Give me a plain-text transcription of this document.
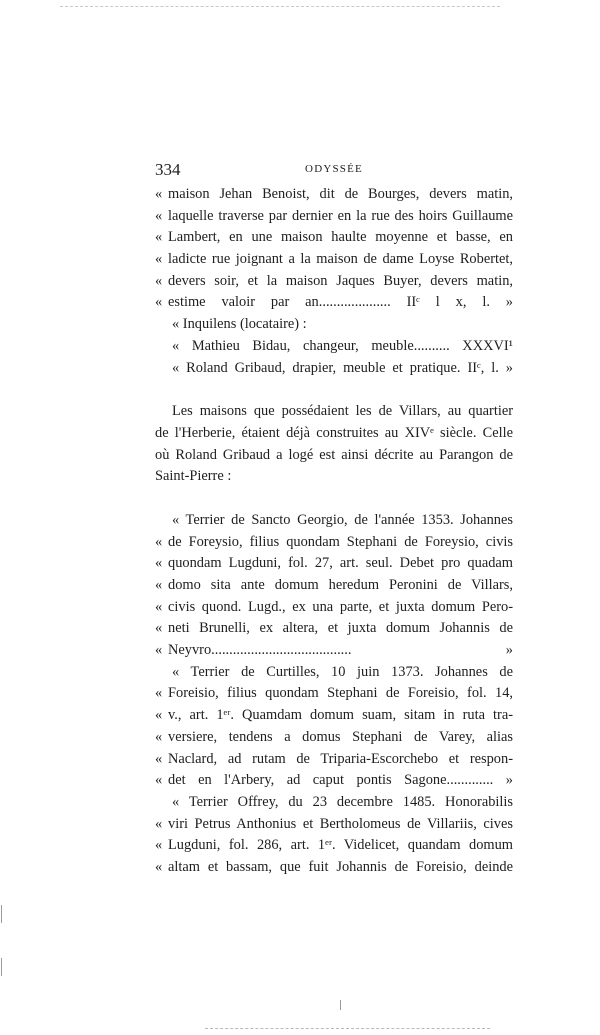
334	ODYSSÉE
« maison Jehan Benoist, dit de Bourges, devers matin,
« laquelle traverse par dernier en la rue des hoirs Guillaume
« Lambert, en une maison haulte moyenne et basse, en
« ladicte rue joignant a la maison de dame Loyse Robertet,
« devers soir, et la maison Jaques Buyer, devers matin,
« estime valoir par an.................... IIᶜ l x, l. »
« Inquilens (locataire) :
« Mathieu Bidau, changeur, meuble.......... XXXVI¹
« Roland Gribaud, drapier, meuble et pratique. IIᶜ, l. »
Les maisons que possédaient les de Villars, au quartier
de l'Herberie, étaient déjà construites au XIVᵉ siècle. Celle
où Roland Gribaud a logé est ainsi décrite au Parangon de
Saint-Pierre :
« Terrier de Sancto Georgio, de l'année 1353. Johannes
« de Foreysio, filius quondam Stephani de Foreysio, civis
« quondam Lugduni, fol. 27, art. seul. Debet pro quadam
« domo sita ante domum heredum Peronini de Villars,
« civis quond. Lugd., ex una parte, et juxta domum Pero-
« neti Brunelli, ex altera, et juxta domum Johannis de
« Neyvro....................................... »
« Terrier de Curtilles, 10 juin 1373. Johannes de
« Foreisio, filius quondam Stephani de Foreisio, fol. 14,
« v., art. 1ᵉʳ. Quamdam domum suam, sitam in ruta tra-
« versiere, tendens a domus Stephani de Varey, alias
« Naclard, ad rutam de Triparia-Escorchebo et respon-
« det en l'Arbery, ad caput pontis Sagone............. »
« Terrier Offrey, du 23 decembre 1485. Honorabilis
« viri Petrus Anthonius et Bertholomeus de Villariis, cives
« Lugduni, fol. 286, art. 1ᵉʳ. Videlicet, quandam domum
« altam et bassam, que fuit Johannis de Foreisio, deinde
